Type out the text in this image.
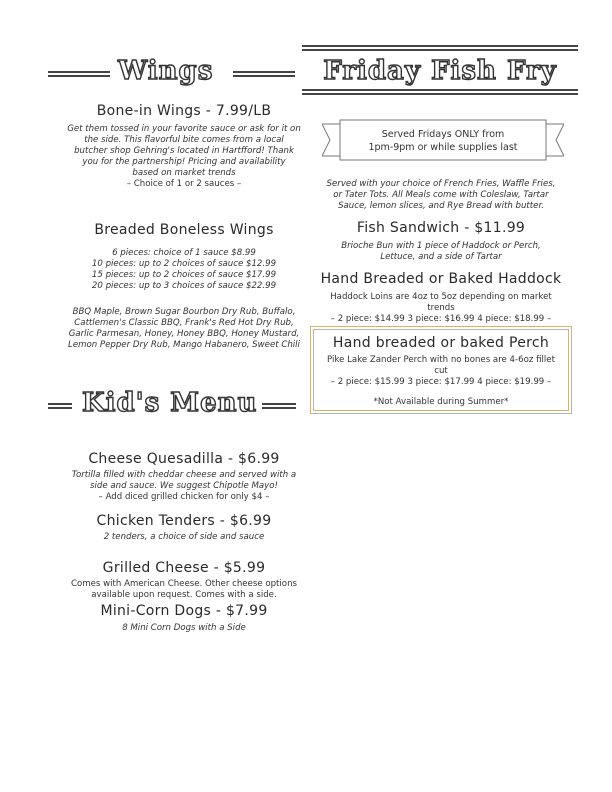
Wings
Bone-in Wings - 7.99/LB
Get them tossed in your favorite sauce or ask for it on
the side. This flavorful bite comes from a local
butcher shop Gehring's located in Hartfford! Thank
you for the partnership! Pricing and availability
based on market trends
– Choice of 1 or 2 sauces –
Breaded Boneless Wings
6 pieces: choice of 1 sauce $8.99
10 pieces: up to 2 choices of sauce $12.99
15 pieces: up to 2 choices of sauce $17.99
20 pieces: up to 3 choices of sauce $22.99
BBQ Maple, Brown Sugar Bourbon Dry Rub, Buffalo,
Cattlemen's Classic BBQ, Frank's Red Hot Dry Rub,
Garlic Parmesan, Honey, Honey BBQ, Honey Mustard,
Lemon Pepper Dry Rub, Mango Habanero, Sweet Chili
Kid's Menu
Cheese Quesadilla - $6.99
Tortilla filled with cheddar cheese and served with a
side and sauce. We suggest Chipotle Mayo!
– Add diced grilled chicken for only $4 –
Chicken Tenders - $6.99
2 tenders, a choice of side and sauce
Grilled Cheese - $5.99
Comes with American Cheese. Other cheese options
available upon request. Comes with a side.
Mini-Corn Dogs - $7.99
8 Mini Corn Dogs with a Side
Friday Fish Fry
Served Fridays ONLY from
1pm-9pm or while supplies last
Served with your choice of French Fries, Waffle Fries,
or Tater Tots. All Meals come with Coleslaw, Tartar
Sauce, lemon slices, and Rye Bread with butter.
Fish Sandwich - $11.99
Brioche Bun with 1 piece of Haddock or Perch,
Lettuce, and a side of Tartar
Hand Breaded or Baked Haddock
Haddock Loins are 4oz to 5oz depending on market
trends
– 2 piece: $14.99 3 piece: $16.99 4 piece: $18.99 –
Hand breaded or baked Perch
Pike Lake Zander Perch with no bones are 4-6oz fillet
cut
– 2 piece: $15.99 3 piece: $17.99 4 piece: $19.99 –
*Not Available during Summer*
